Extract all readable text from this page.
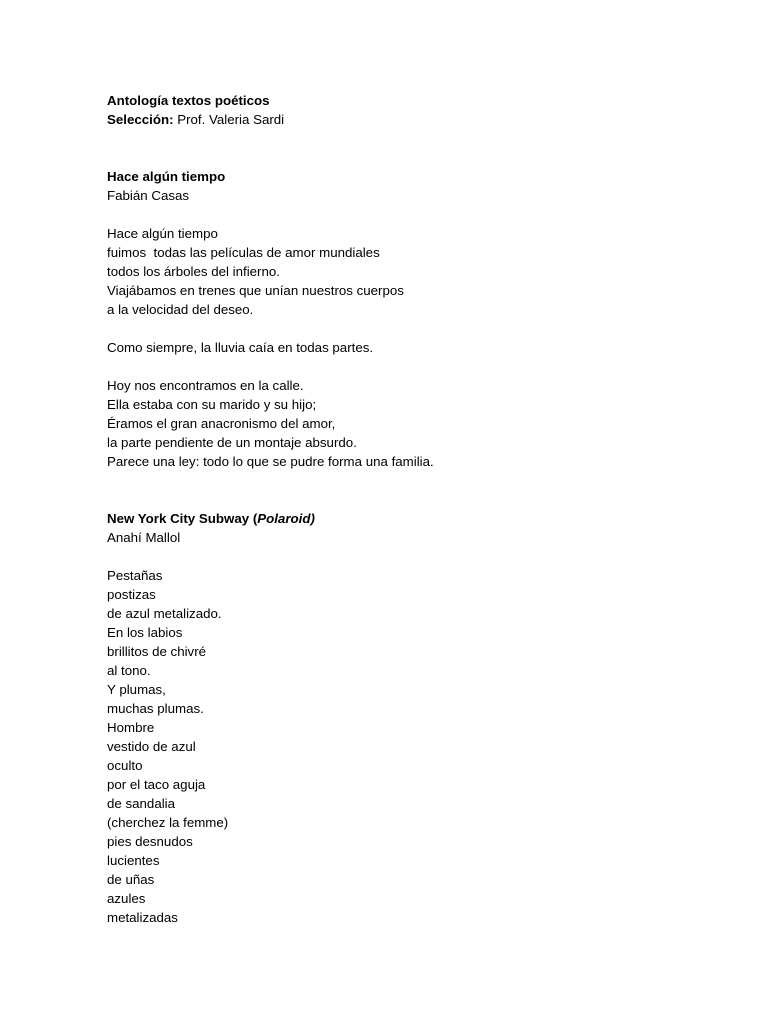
Antología textos poéticos
Selección: Prof. Valeria Sardi
Hace algún tiempo
Fabián Casas
Hace algún tiempo
fuimos  todas las películas de amor mundiales
todos los árboles del infierno.
Viajábamos en trenes que unían nuestros cuerpos
a la velocidad del deseo.
Como siempre, la lluvia caía en todas partes.
Hoy nos encontramos en la calle.
Ella estaba con su marido y su hijo;
Éramos el gran anacronismo del amor,
la parte pendiente de un montaje absurdo.
Parece una ley: todo lo que se pudre forma una familia.
New York City Subway (Polaroid)
Anahí Mallol
Pestañas
postizas
de azul metalizado.
En los labios
brillitos de chivré
al tono.
Y plumas,
muchas plumas.
Hombre
vestido de azul
oculto
por el taco aguja
de sandalia
(cherchez la femme)
pies desnudos
lucientes
de uñas
azules
metalizadas
